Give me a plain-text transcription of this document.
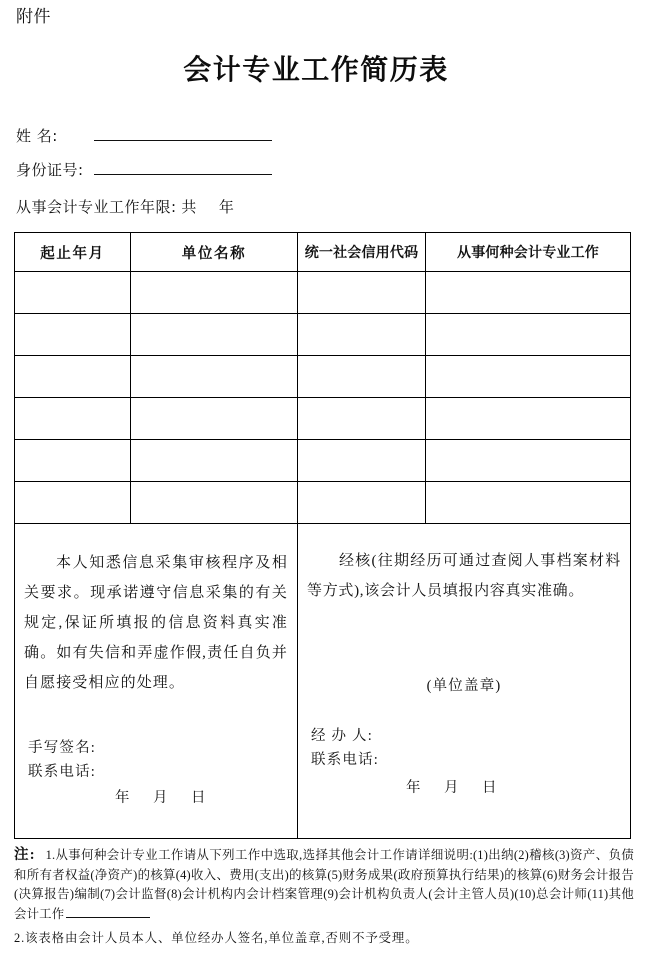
附件
会计专业工作简历表
姓 名:
身份证号:
从事会计专业工作年限: 共 年
起止年月	单位名称	统一社会信用代码	从事何种会计专业工作

本人知悉信息采集审核程序及相关要求。现承诺遵守信息采集的有关规定,保证所填报的信息资料真实准确。如有失信和弄虚作假,责任自负并自愿接受相应的处理。
手写签名:
联系电话:
年 月 日

经核(往期经历可通过查阅人事档案材料等方式),该会计人员填报内容真实准确。
(单位盖章)
经 办 人:
联系电话:
年 月 日
注: 1.从事何种会计专业工作请从下列工作中选取,选择其他会计工作请详细说明:(1)出纳(2)稽核(3)资产、负债和所有者权益(净资产)的核算(4)收入、费用(支出)的核算(5)财务成果(政府预算执行结果)的核算(6)财务会计报告(决算报告)编制(7)会计监督(8)会计机构内会计档案管理(9)会计机构负责人(会计主管人员)(10)总会计师(11)其他会计工作
2.该表格由会计人员本人、单位经办人签名,单位盖章,否则不予受理。
